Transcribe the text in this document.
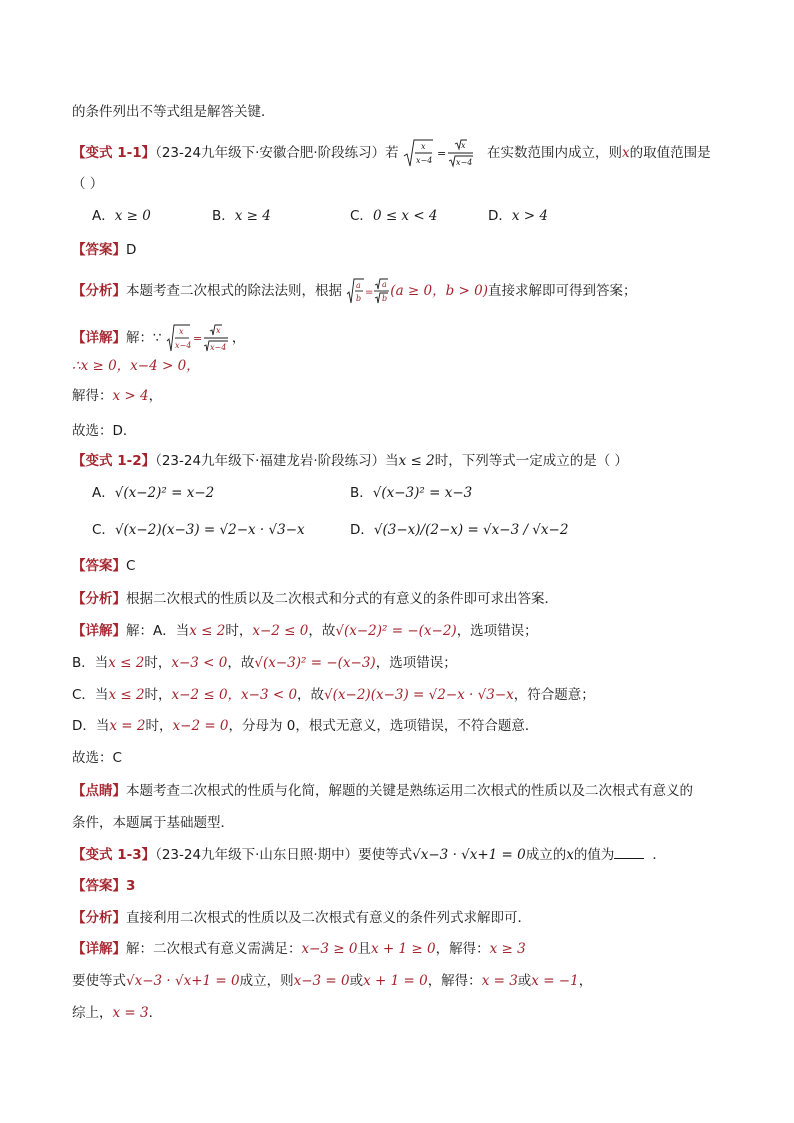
的条件列出不等式组是解答关键．
【变式 1-1】（23-24九年级下·安徽合肥·阶段练习）若	x
x−4
x
x−4
=	在实数范围内成立，则x的取值范围是
（ ）
A．x ≥ 0	B．x ≥ 4	C．0 ≤ x < 4	D．x > 4
【答案】D
【分析】本题考查二次根式的除法法则，根据 a
b
a
b
= (a ≥ 0，b > 0)直接求解即可得到答案；
【详解】解：∵ x
x−4
x
x−4
= ，
∴x ≥ 0，x−4 > 0，
解得：x > 4，
故选：D．
【变式 1-2】（23-24九年级下·福建龙岩·阶段练习）当x ≤ 2时，下列等式一定成立的是（ ）
A．√(x−2)² = x−2	B．√(x−3)² = x−3
C．√(x−2)(x−3) = √2−x · √3−x	D．√(3−x)/(2−x) = √x−3 / √x−2
【答案】C
【分析】根据二次根式的性质以及二次根式和分式的有意义的条件即可求出答案．
【详解】解：A．当x ≤ 2时，x−2 ≤ 0，故√(x−2)² = −(x−2)，选项错误；
B．当x ≤ 2时，x−3 < 0，故√(x−3)² = −(x−3)，选项错误；
C．当x ≤ 2时，x−2 ≤ 0，x−3 < 0，故√(x−2)(x−3) = √2−x · √3−x，符合题意；
D．当x = 2时，x−2 = 0，分母为 0，根式无意义，选项错误，不符合题意．
故选：C
【点睛】本题考查二次根式的性质与化简，解题的关键是熟练运用二次根式的性质以及二次根式有意义的
条件，本题属于基础题型．
【变式 1-3】（23-24九年级下·山东日照·期中）要使等式√x−3 · √x+1 = 0成立的x的值为	．
【答案】3
【分析】直接利用二次根式的性质以及二次根式有意义的条件列式求解即可．
【详解】解：二次根式有意义需满足：x−3 ≥ 0且x + 1 ≥ 0，解得：x ≥ 3
要使等式√x−3 · √x+1 = 0成立，则x−3 = 0或x + 1 = 0，解得：x = 3或x = −1，
综上，x = 3．
